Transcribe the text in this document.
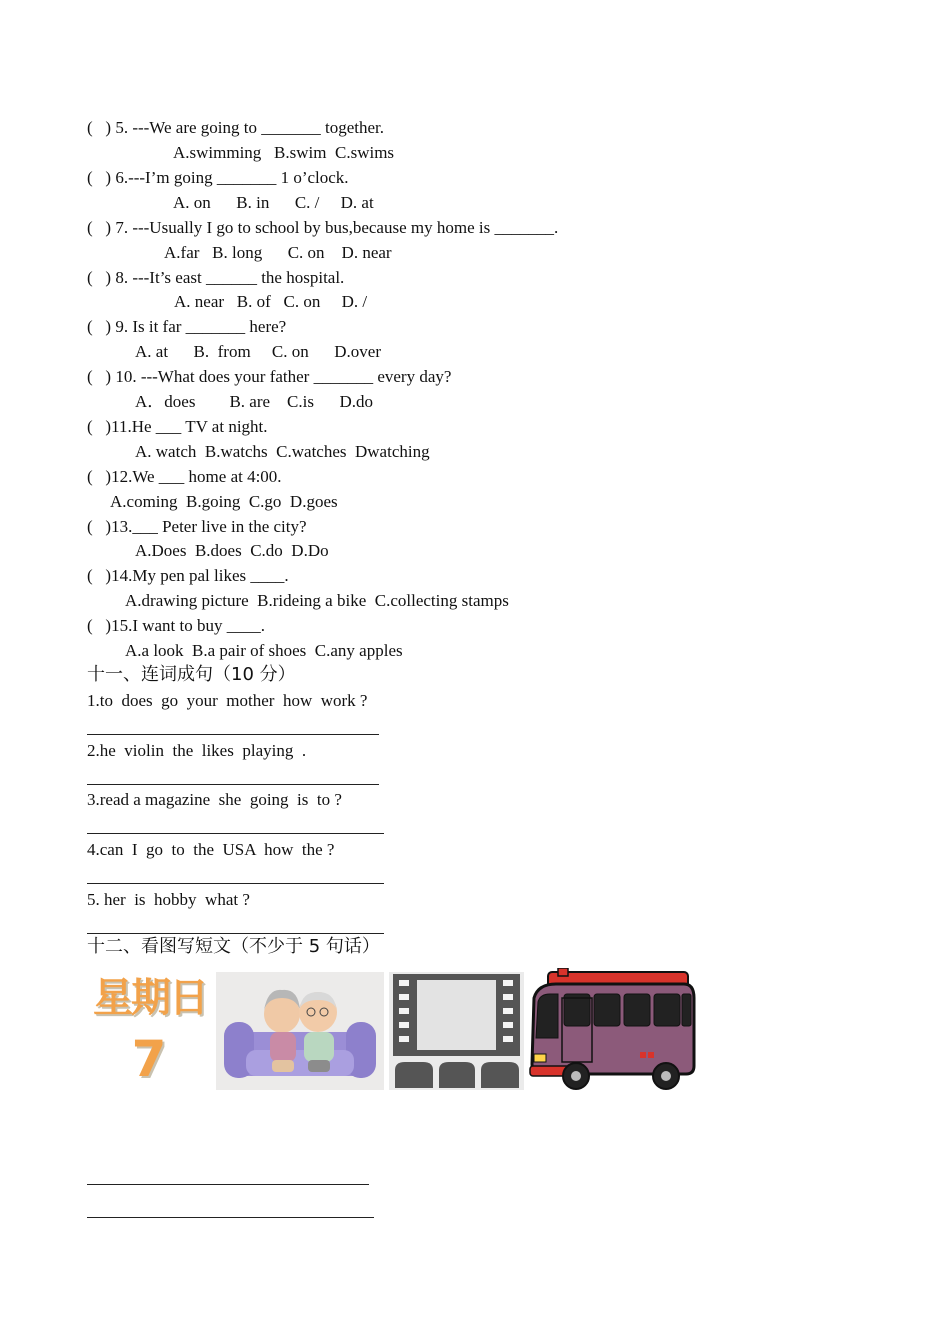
(   ) 5. ---We are going to _______ together.
A.swimming   B.swim  C.swims
(   ) 6.---I’m going _______ 1 o’clock.
A. on      B. in      C. /     D. at
(   ) 7. ---Usually I go to school by bus,because my home is _______.
A.far   B. long      C. on    D. near
(   ) 8. ---It’s east ______ the hospital.
A. near   B. of   C. on     D. /
(   ) 9. Is it far _______ here?
A. at      B.  from     C. on      D.over
(   ) 10. ---What does your father _______ every day?
A．does        B. are    C.is      D.do
(   )11.He ___ TV at night.
A. watch  B.watchs  C.watches  Dwatching
(   )12.We ___ home at 4:00.
A.coming  B.going  C.go  D.goes
(   )13.___ Peter live in the city?
A.Does  B.does  C.do  D.Do
(   )14.My pen pal likes ____.
A.drawing picture  B.rideing a bike  C.collecting stamps
(   )15.I want to buy ____.
A.a look  B.a pair of shoes  C.any apples
十一、连词成句（10 分）
1.to  does  go  your  mother  how  work ?
2.he  violin  the  likes  playing  .
3.read a magazine  she  going  is  to ?
4.can  I  go  to  the  USA  how  the ?
5. her  is  hobby  what ?
十二、看图写短文（不少于 5 句话）
星期日
7
